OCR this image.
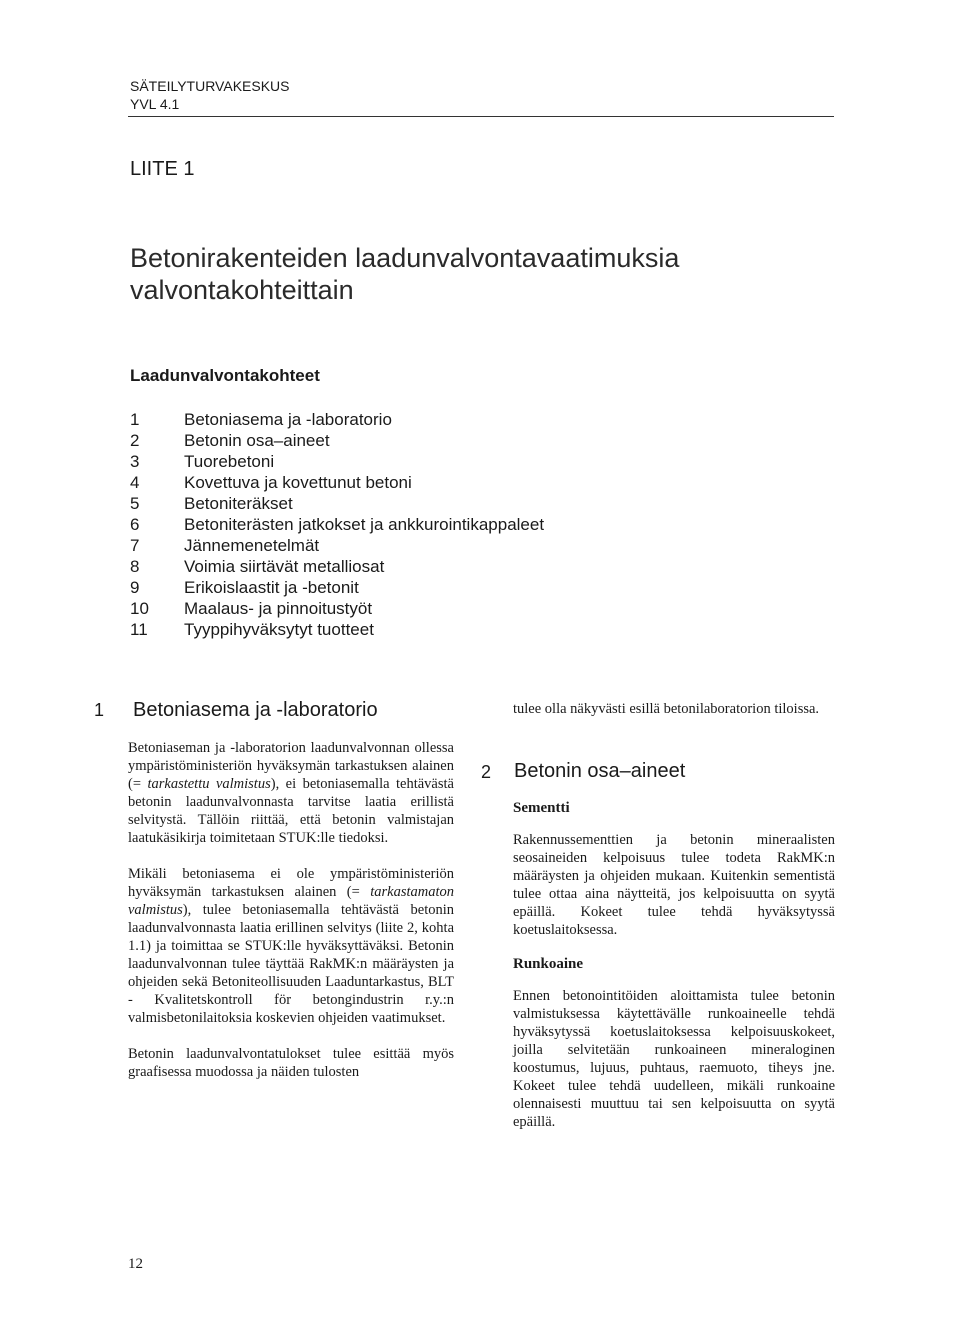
SÄTEILYTURVAKESKUS
YVL 4.1
LIITE 1
Betonirakenteiden laadunvalvontavaatimuksia valvontakohteittain
Laadunvalvontakohteet
1	Betoniasema ja -laboratorio
2	Betonin osa–aineet
3	Tuorebetoni
4	Kovettuva ja kovettunut betoni
5	Betoniteräkset
6	Betoniterästen jatkokset ja ankkurointikappaleet
7	Jännemenetelmät
8	Voimia siirtävät metalliosat
9	Erikoislaastit ja -betonit
10	Maalaus- ja pinnoitustyöt
11	Tyyppihyväksytyt tuotteet
1 Betoniasema ja -laboratorio

Betoniaseman ja -laboratorion laadunvalvonnan ollessa ympäristöministeriön hyväksymän tarkastuksen alainen (= tarkastettu valmistus), ei betoniasemalla tehtävästä betonin laadunvalvonnasta tarvitse laatia erillistä selvitystä. Tällöin riittää, että betonin valmistajan laatukäsikirja toimitetaan STUK:lle tiedoksi.

Mikäli betoniasema ei ole ympäristöministeriön hyväksymän tarkastuksen alainen (= tarkastamaton valmistus), tulee betoniasemalla tehtävästä betonin laadunvalvonnasta laatia erillinen selvitys (liite 2, kohta 1.1) ja toimittaa se STUK:lle hyväksyttäväksi. Betonin laadunvalvonnan tulee täyttää RakMK:n määräysten ja ohjeiden sekä Betoniteollisuuden Laaduntarkastus, BLT - Kvalitetskontroll för betongindustrin r.y.:n valmisbetonilaitoksia koskevien ohjeiden vaatimukset.

Betonin laadunvalvontatulokset tulee esittää myös graafisessa muodossa ja näiden tulosten

tulee olla näkyvästi esillä betonilaboratorion tiloissa.
2 Betonin osa–aineet
Sementti

Rakennussementtien ja betonin mineraalisten seosaineiden kelpoisuus tulee todeta RakMK:n määräysten ja ohjeiden mukaan. Kuitenkin sementistä tulee ottaa aina näytteitä, jos kelpoisuutta on syytä epäillä. Kokeet tulee tehdä hyväksytyssä koetuslaitoksessa.

Runkoaine

Ennen betonointitöiden aloittamista tulee betonin valmistuksessa käytettävälle runkoaineelle tehdä hyväksytyssä koetuslaitoksessa kelpoisuuskokeet, joilla selvitetään runkoaineen mineraloginen koostumus, lujuus, puhtaus, raemuoto, tiheys jne. Kokeet tulee tehdä uudelleen, mikäli runkoaine olennaisesti muuttuu tai sen kelpoisuutta on syytä epäillä.

12
